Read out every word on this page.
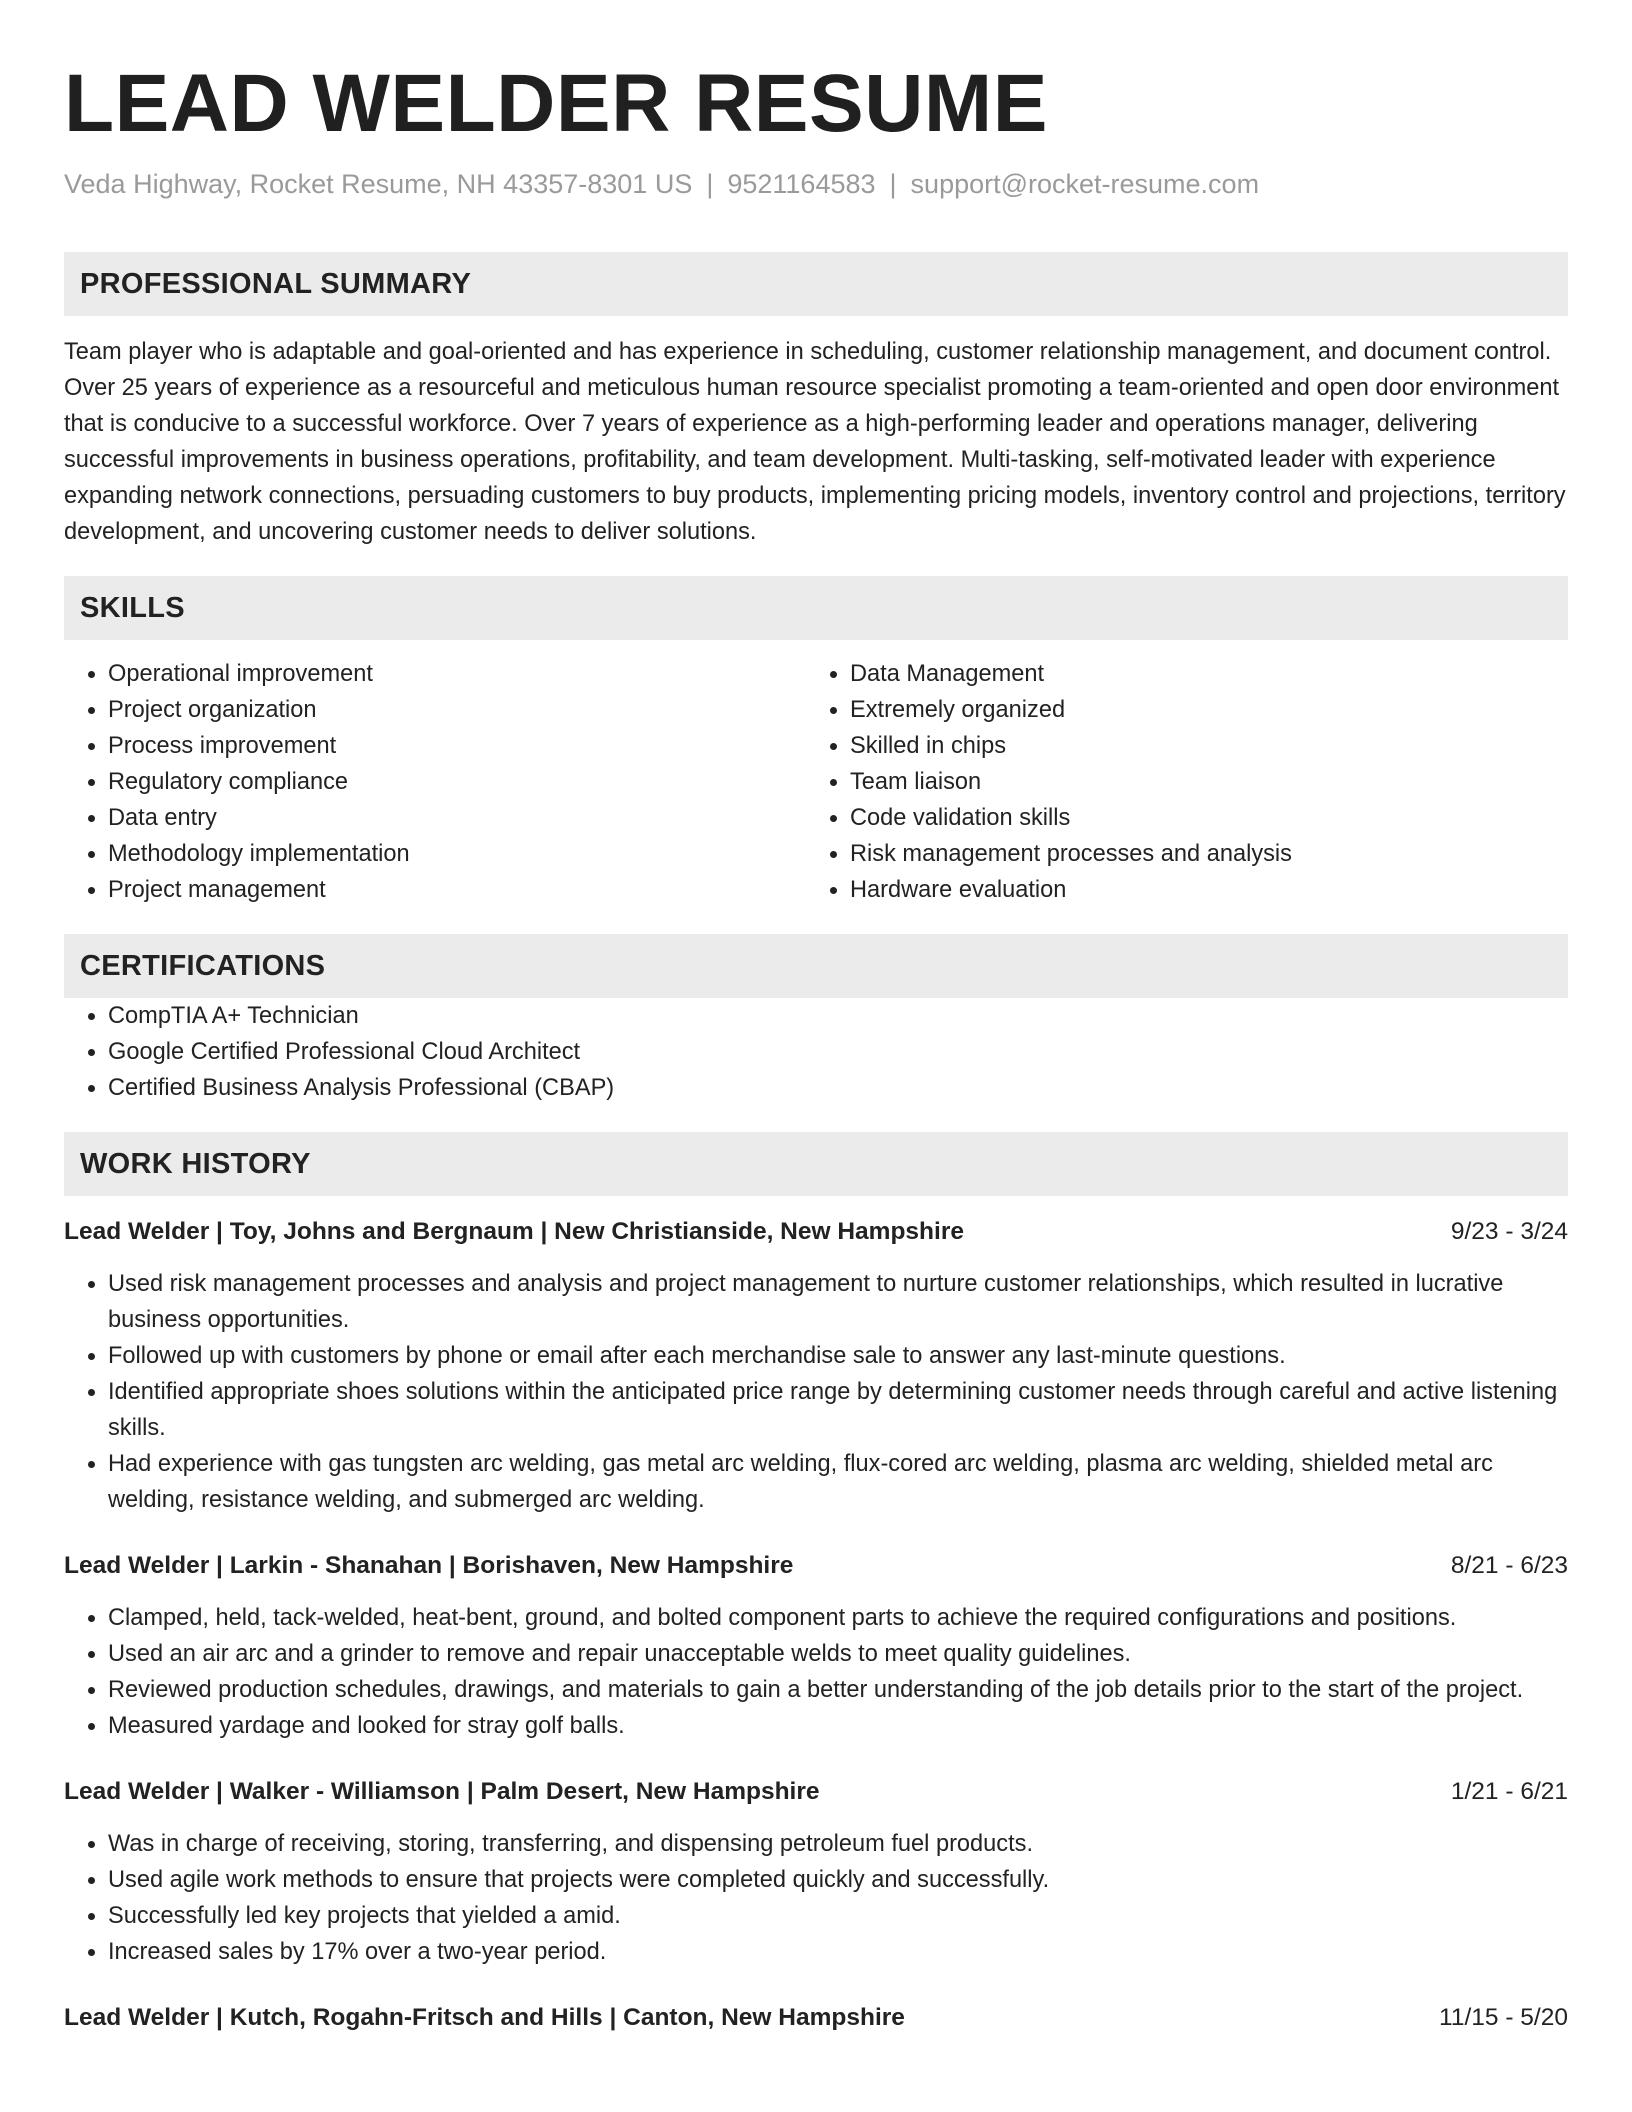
LEAD WELDER RESUME
Veda Highway, Rocket Resume, NH 43357-8301 US | 9521164583 | support@rocket-resume.com
PROFESSIONAL SUMMARY

Team player who is adaptable and goal-oriented and has experience in scheduling, customer relationship management, and document control. Over 25 years of experience as a resourceful and meticulous human resource specialist promoting a team-oriented and open door environment that is conducive to a successful workforce. Over 7 years of experience as a high-performing leader and operations manager, delivering successful improvements in business operations, profitability, and team development. Multi-tasking, self-motivated leader with experience expanding network connections, persuading customers to buy products, implementing pricing models, inventory control and projections, territory development, and uncovering customer needs to deliver solutions.

SKILLS
• Operational improvement
• Project organization
• Process improvement
• Regulatory compliance
• Data entry
• Methodology implementation
• Project management
• Data Management
• Extremely organized
• Skilled in chips
• Team liaison
• Code validation skills
• Risk management processes and analysis
• Hardware evaluation
CERTIFICATIONS
• CompTIA A+ Technician
• Google Certified Professional Cloud Architect
• Certified Business Analysis Professional (CBAP)
WORK HISTORY
Lead Welder | Toy, Johns and Bergnaum | New Christianside, New Hampshire	9/23 - 3/24
• Used risk management processes and analysis and project management to nurture customer relationships, which resulted in lucrative business opportunities.
• Followed up with customers by phone or email after each merchandise sale to answer any last-minute questions.
• Identified appropriate shoes solutions within the anticipated price range by determining customer needs through careful and active listening skills.
• Had experience with gas tungsten arc welding, gas metal arc welding, flux-cored arc welding, plasma arc welding, shielded metal arc welding, resistance welding, and submerged arc welding.
Lead Welder | Larkin - Shanahan | Borishaven, New Hampshire	8/21 - 6/23
• Clamped, held, tack-welded, heat-bent, ground, and bolted component parts to achieve the required configurations and positions.
• Used an air arc and a grinder to remove and repair unacceptable welds to meet quality guidelines.
• Reviewed production schedules, drawings, and materials to gain a better understanding of the job details prior to the start of the project.
• Measured yardage and looked for stray golf balls.
Lead Welder | Walker - Williamson | Palm Desert, New Hampshire	1/21 - 6/21
• Was in charge of receiving, storing, transferring, and dispensing petroleum fuel products.
• Used agile work methods to ensure that projects were completed quickly and successfully.
• Successfully led key projects that yielded a amid.
• Increased sales by 17% over a two-year period.
Lead Welder | Kutch, Rogahn-Fritsch and Hills | Canton, New Hampshire	11/15 - 5/20
